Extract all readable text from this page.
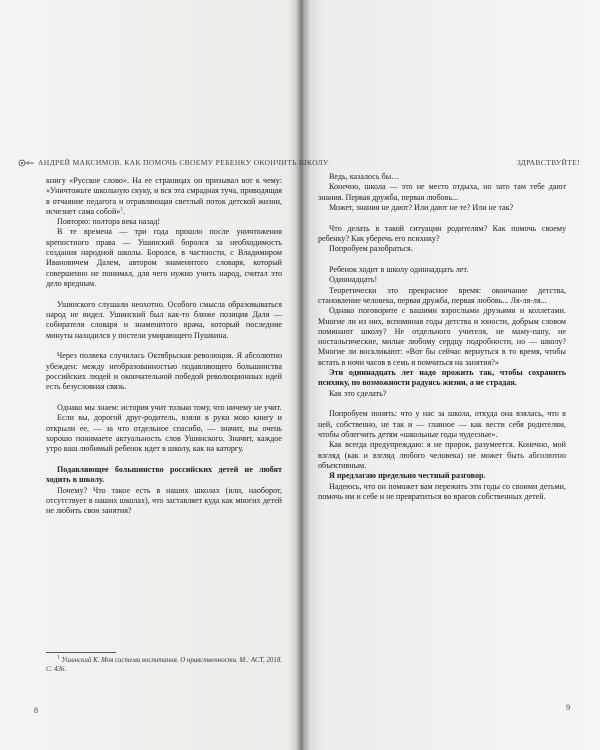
АНДРЕЙ МАКСИМОВ. КАК ПОМОЧЬ СВОЕМУ РЕБЕНКУ ОКОНЧИТЬ ШКОЛУ

книгу «Русское слово». На ее страницах он призывал вот к чему: «Уничтожьте школьную скуку, и вся эта смрадная туча, приводящая в отчаяние педагога и отравляющая светлый поток детской жизни, исчезнет сама собой»$^1$.

Повторю: полтора века назад!

В те времена — три года прошло после уничтожения крепостного права — Ушинский боролся за необходимость создания народной школы. Боролся, в частности, с Владимиром Ивановичем Далем, автором знаменитого словаря, который совершенно не понимал, для чего нужно учить народ, считал это дело вредным.

Ушинского слушали неохотно. Особого смысла образовываться народ не видел. Ушинский был как-то ближе позиция Даля — собирателя словаря и знаменитого врача, который последние минуты находился у постели умирающего Пушкина.

Через полвека случилась Октябрьская революция. Я абсолютно убежден: между необразованностью подавляющего большинства российских людей и окончательной победой революционных идей есть безусловная связь.

Однако мы знаем: история учит только тому, что ничему не учит.

Если вы, дорогой друг-родитель, взяли в руки мою книгу и открыли ее, — за что отдельное спасибо, — значит, вы очень хорошо понимаете актуальность слов Ушинского. Значит, каждое утро ваш любимый ребенок идет в школу, как на каторгу.

Подавляющее большинство российских детей не любят ходить в школу.

Почему? Что такое есть в наших школах (или, наоборот, отсутствует в наших школах), что заставляет куда как многих детей не любить свои занятия?

$^1$ Ушинский К. Моя система воспитания. О нравственности. М.: АСТ, 2018. С. 436.
8
ЗДРАВСТВУЙТЕ!

Ведь, казалось бы…

Конечно, школа — это не место отдыха, но зато там тебе дают знания. Первая дружба, первая любовь...

Может, знания не дают? Или дают не те? Или не так?

Что делать в такой ситуации родителям? Как помочь своему ребенку? Как уберечь его психику?

Попробуем разобраться.

Ребенок ходит в школу одиннадцать лет.

Одиннадцать!

Теоретически это прекрасное время: окончание детства, становление человека, первая дружба, первая любовь... Ля-ля-ля...

Однако поговорите с вашими взрослыми друзьями и коллегами. Многие ли из них, вспоминая годы детства и юности, добрым словом поминают школу? Не отдельного учителя, не маму-папу, не ностальгические, милые любому сердцу подробности, но — школу? Многие ли воскликают: «Вот бы сейчас вернуться в то время, чтобы встать в ночи часов в семь и помчаться на занятия?»

Эти одиннадцать лет надо прожить так, чтобы сохранить психику, по возможности радуясь жизни, а не страдая.

Как это сделать?

Попробуем понять: что у нас за школа, откуда она взялась, что в ней, собственно, не так и — главное — как вести себя родителям, чтобы облегчить детям «школьные годы чудесные».

Как всегда предупреждаю: я не пророк, разумеется. Конечно, мой взгляд (как и взгляд любого человека) не может быть абсолютно объективным.

Я предлагаю предельно честный разговор.

Надеюсь, что он поможет вам пережить эти годы со своими детьми, помочь им и себе и не превратиться во врагов собственных детей.

9
